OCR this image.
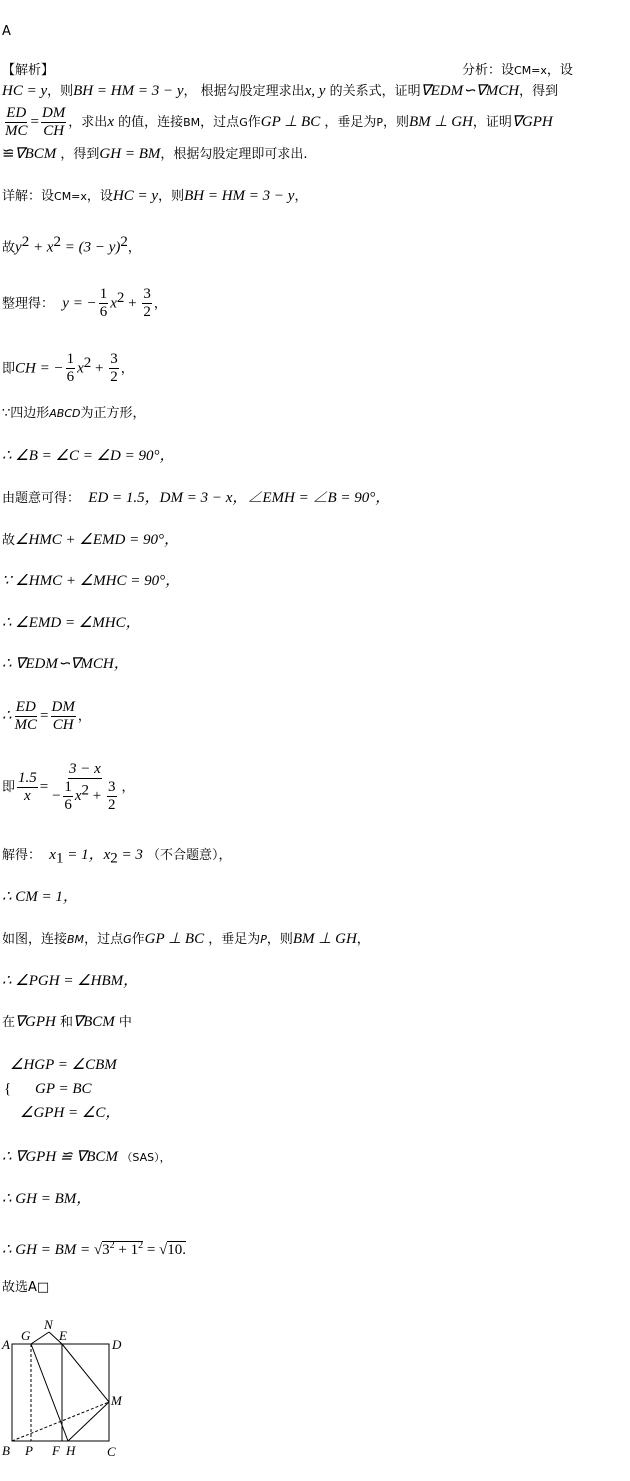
A
【解析】	分析：设CM=x，设
HC = y，则BH = HM = 3 − y， 根据勾股定理求出x, y 的关系式，证明∇EDM∽∇MCH，得到
$\frac{ED}{MC} = \frac{DM}{CH}$ ，求出x 的值，连接BM，过点G作GP ⊥ BC ，垂足为P，则BM ⊥ GH，证明∇GPH
≌∇BCM ，得到GH = BM，根据勾股定理即可求出.
详解：设CM=x，设HC = y，则BH = HM = 3 − y，
故$y^2 + x^2 = (3 - y)^2$，
整理得： y = − $\frac{1}{6} x^2 + \frac{3}{2}$ ，
即CH = − $\frac{1}{6} x^2 + \frac{3}{2}$ ，
∵四边形ABCD为正方形，
∴ ∠B = ∠C = ∠D = 90°，
由题意可得： ED = 1.5，DM = 3 − x，∠EMH = ∠B = 90°，
故∠HMC + ∠EMD = 90°，
∵ ∠HMC + ∠MHC = 90°，
∴ ∠EMD = ∠MHC，
∴ ∇EDM∽∇MCH，
∴ $\frac{ED}{MC} = \frac{DM}{CH}$ ，
即 $\frac{1.5}{x} = \frac{3 - x}{- \frac{1}{6} x^2 + \frac{3}{2}}$ ，
解得： $x_1 = 1$，$x_2 = 3$ （不合题意），
∴ CM = 1，
如图，连接BM，过点G作GP ⊥ BC ，垂足为P，则BM ⊥ GH，
∴ ∠PGH = ∠HBM，
在∇GPH 和∇BCM 中
{
∠HGP = ∠CBM
GP = BC
∠GPH = ∠C，
∴ ∇GPH ≌ ∇BCM （SAS），
∴ GH = BM，
∴ GH = BM = $√3^2 + 1^2 = √10$.
故选A□
A
G
N
E
D
M
B P F H C
